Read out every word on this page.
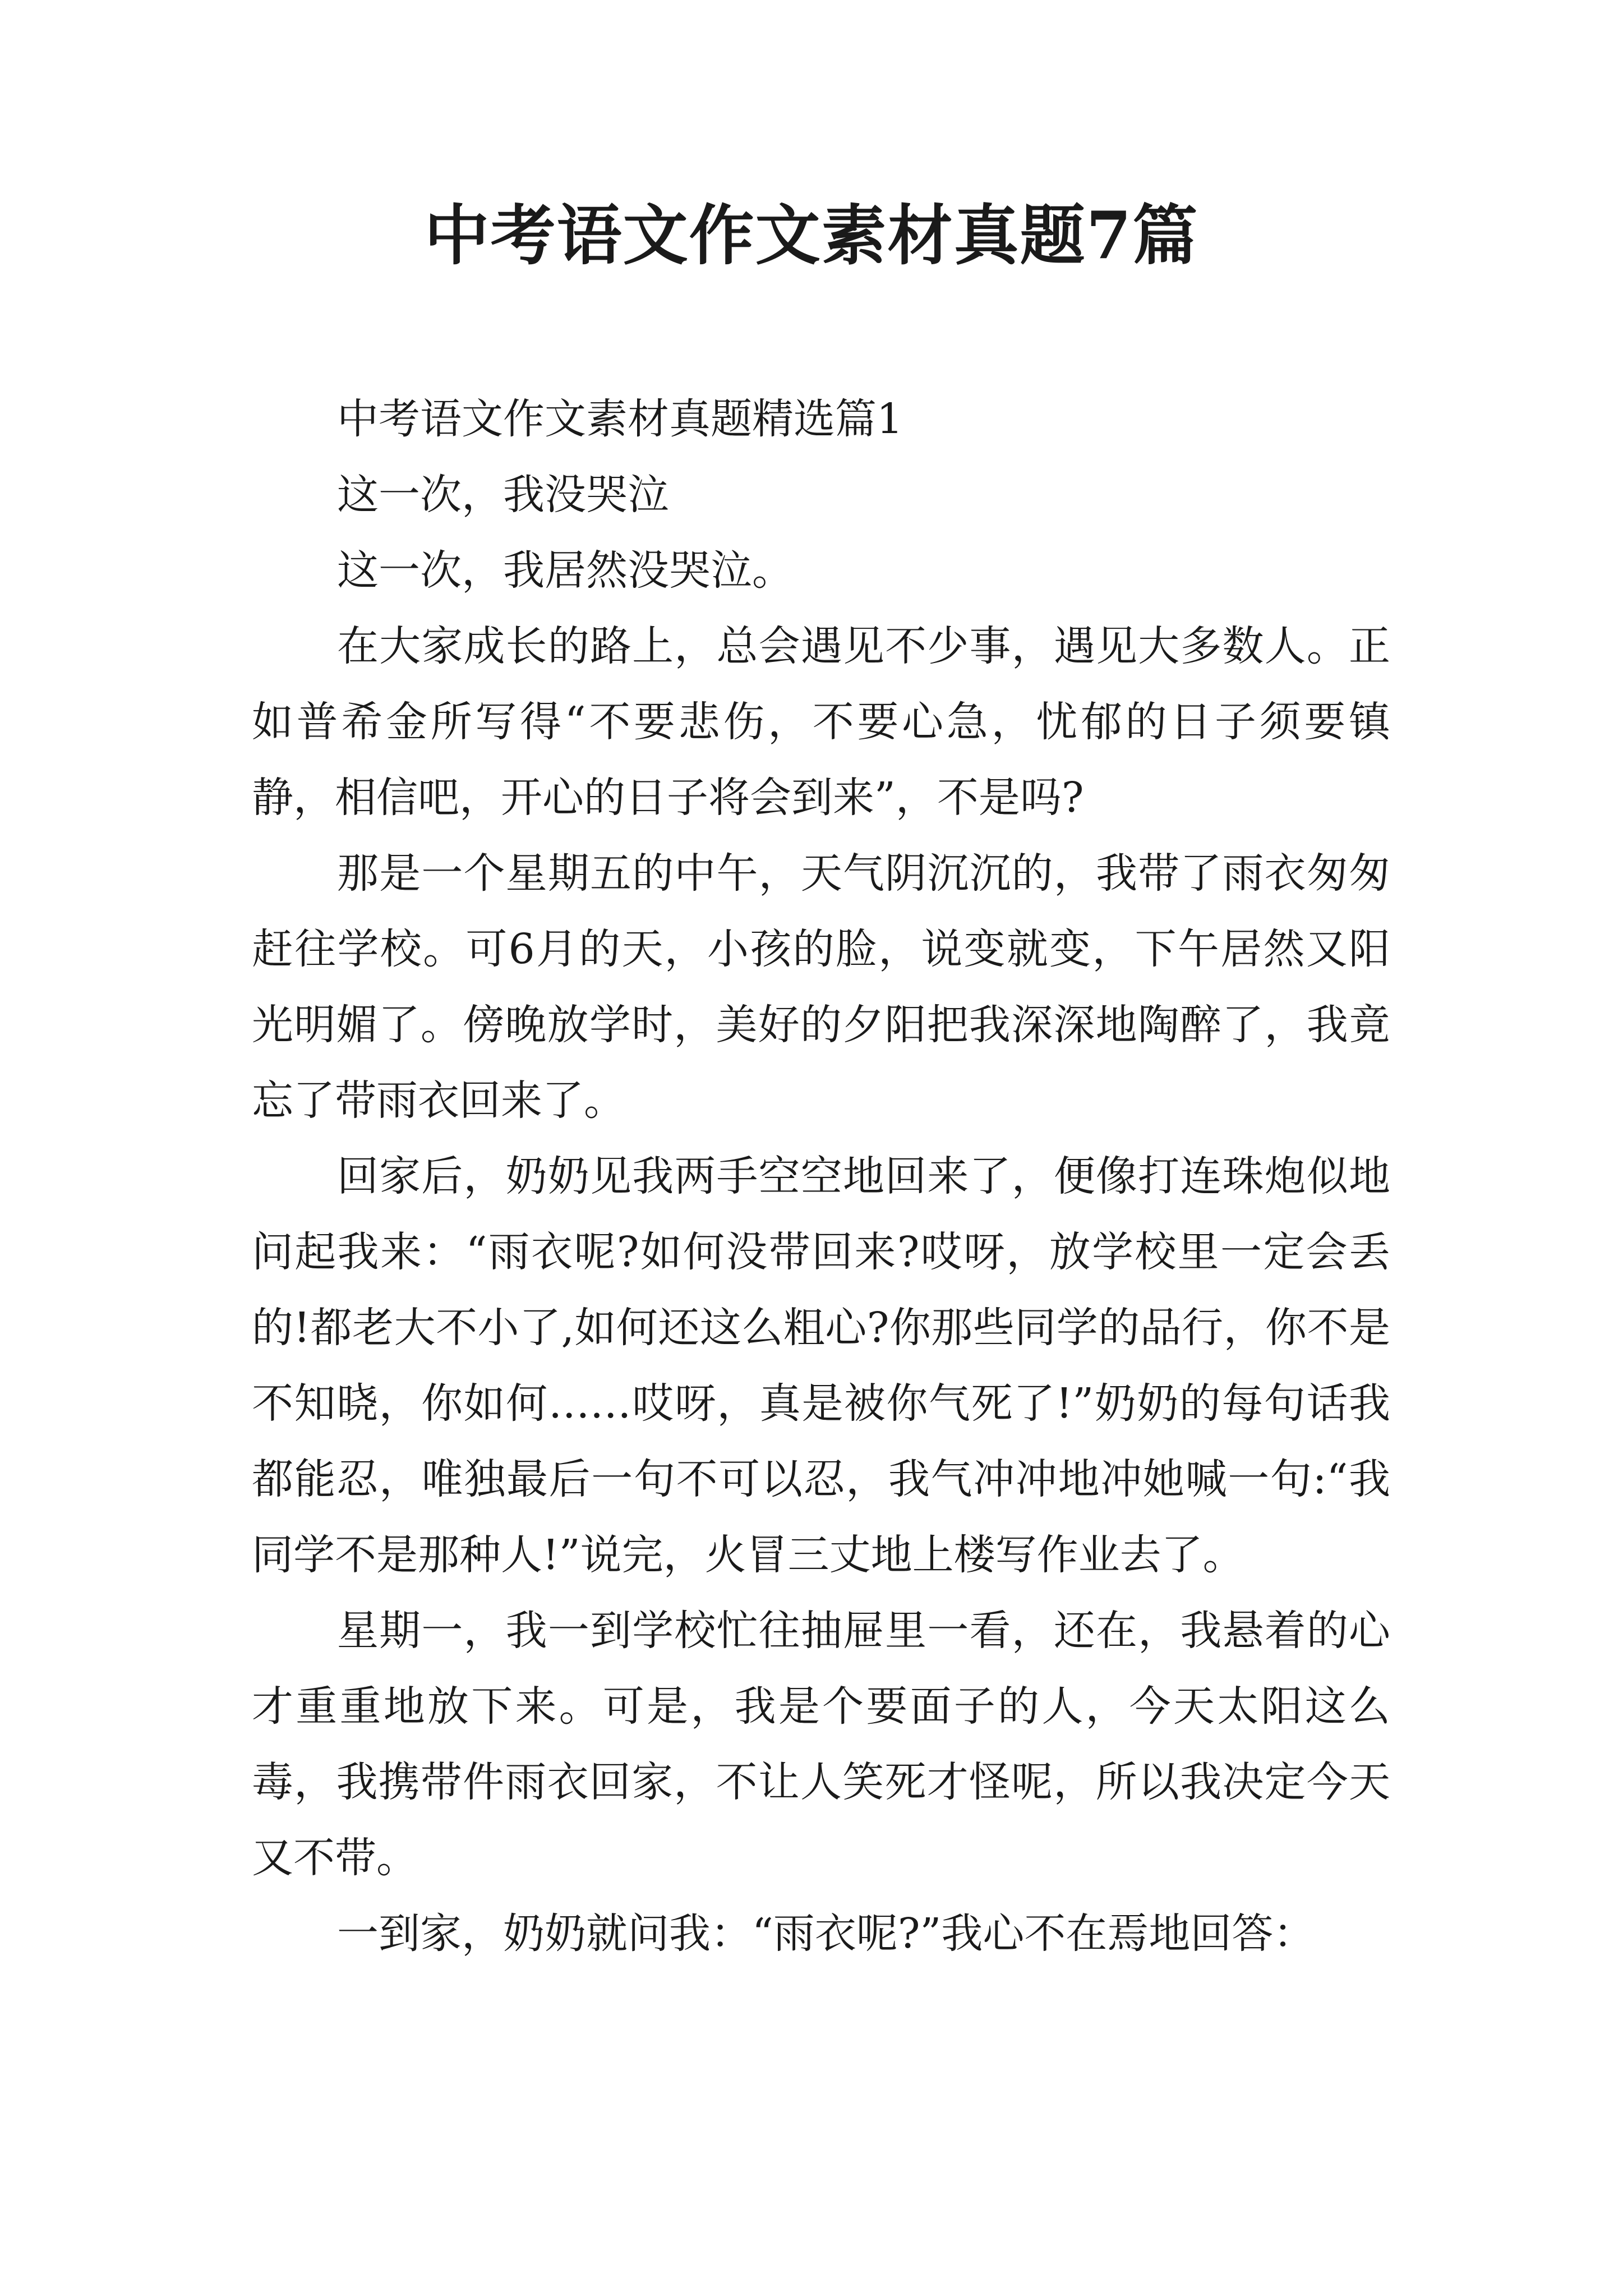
中考语文作文素材真题7篇

中考语文作文素材真题精选篇1

这一次，我没哭泣

这一次，我居然没哭泣。

在大家成长的路上，总会遇见不少事，遇见大多数人。正如普希金所写得“不要悲伤，不要心急，忧郁的日子须要镇静，相信吧，开心的日子将会到来”，不是吗?

那是一个星期五的中午，天气阴沉沉的，我带了雨衣匆匆赶往学校。可6月的天，小孩的脸，说变就变，下午居然又阳光明媚了。傍晚放学时，美好的夕阳把我深深地陶醉了，我竟忘了带雨衣回来了。

回家后，奶奶见我两手空空地回来了，便像打连珠炮似地问起我来：“雨衣呢?如何没带回来?哎呀，放学校里一定会丢的!都老大不小了,如何还这么粗心?你那些同学的品行，你不是不知晓，你如何……哎呀，真是被你气死了!”奶奶的每句话我都能忍，唯独最后一句不可以忍，我气冲冲地冲她喊一句:“我同学不是那种人!”说完，火冒三丈地上楼写作业去了。

星期一，我一到学校忙往抽屉里一看，还在，我悬着的心才重重地放下来。可是，我是个要面子的人，今天太阳这么毒，我携带件雨衣回家，不让人笑死才怪呢，所以我决定今天又不带。

一到家，奶奶就问我：“雨衣呢?”我心不在焉地回答：
